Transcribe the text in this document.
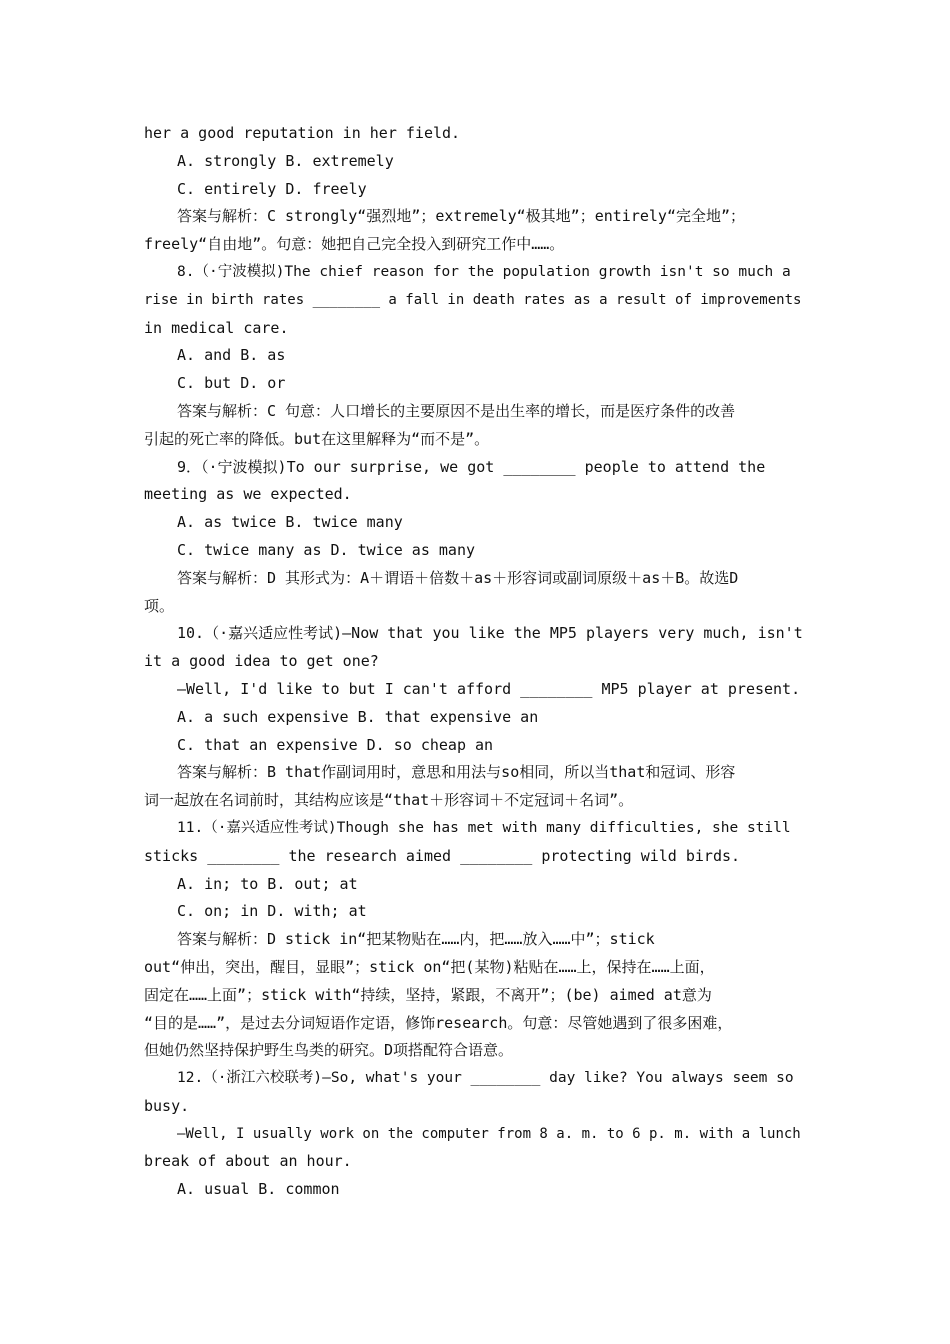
her a good reputation in her field.
A. strongly B. extremely
C. entirely D. freely
答案与解析：C strongly“强烈地”；extremely“极其地”；entirely“完全地”；
freely“自由地”。句意：她把自己完全投入到研究工作中……。
8.（·宁波模拟)The chief reason for the population growth isn't so much a
rise in birth rates ________ a fall in death rates as a result of improvements
in medical care.
A. and B. as
C. but D. or
答案与解析：C 句意：人口增长的主要原因不是出生率的增长，而是医疗条件的改善
引起的死亡率的降低。but在这里解释为“而不是”。
9．（·宁波模拟)To our surprise, we got ________ people to attend the
meeting as we expected.
A. as twice B. twice many
C. twice many as D. twice as many
答案与解析：D 其形式为：A＋谓语＋倍数＋as＋形容词或副词原级＋as＋B。故选D
项。
10.（·嘉兴适应性考试)—Now that you like the MP5 players very much, isn't
it a good idea to get one?
—Well, I'd like to but I can't afford ________ MP5 player at present.
A. a such expensive B. that expensive an
C. that an expensive D. so cheap an
答案与解析：B that作副词用时，意思和用法与so相同，所以当that和冠词、形容
词一起放在名词前时，其结构应该是“that＋形容词＋不定冠词＋名词”。
11.（·嘉兴适应性考试)Though she has met with many difficulties, she still
sticks ________ the research aimed ________ protecting wild birds.
A. in; to B. out; at
C. on; in D. with; at
答案与解析：D stick in“把某物贴在……内，把……放入……中”；stick
out“伸出，突出，醒目，显眼”；stick on“把(某物)粘贴在……上，保持在……上面，
固定在……上面”；stick with“持续，坚持，紧跟，不离开”；(be) aimed at意为
“目的是……”，是过去分词短语作定语，修饰research。句意：尽管她遇到了很多困难，
但她仍然坚持保护野生鸟类的研究。D项搭配符合语意。
12.（·浙江六校联考)—So, what's your ________ day like? You always seem so
busy.
—Well, I usually work on the computer from 8 a. m. to 6 p. m. with a lunch
break of about an hour.
A. usual B. common
